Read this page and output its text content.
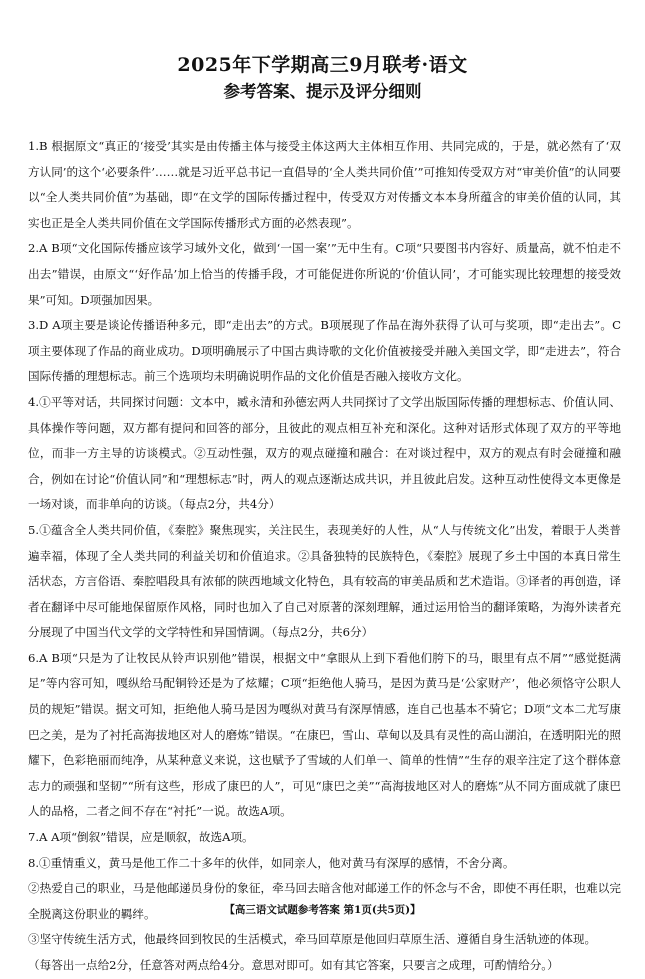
2025年下学期高三9月联考·语文
参考答案、提示及评分细则

1.B 根据原文“真正的‘接受’其实是由传播主体与接受主体这两大主体相互作用、共同完成的，于是，就必然有了‘双方认同’的这个‘必要条件’……就是习近平总书记一直倡导的‘全人类共同价值’”可推知传受双方对“审美价值”的认同要以“全人类共同价值”为基础，即“在文学的国际传播过程中，传受双方对传播文本本身所蕴含的审美价值的认同，其实也正是全人类共同价值在文学国际传播形式方面的必然表现”。

2.A B项“文化国际传播应该学习域外文化，做到‘一国一案’”无中生有。C项“只要图书内容好、质量高，就不怕走不出去”错误，由原文“‘好作品’加上恰当的传播手段，才可能促进你所说的‘价值认同’，才可能实现比较理想的接受效果”可知。D项强加因果。

3.D A项主要是谈论传播语种多元，即“走出去”的方式。B项展现了作品在海外获得了认可与奖项，即“走出去”。C项主要体现了作品的商业成功。D项明确展示了中国古典诗歌的文化价值被接受并融入美国文学，即“走进去”，符合国际传播的理想标志。前三个选项均未明确说明作品的文化价值是否融入接收方文化。

4.①平等对话，共同探讨问题：文本中，臧永清和孙德宏两人共同探讨了文学出版国际传播的理想标志、价值认同、具体操作等问题，双方都有提问和回答的部分，且彼此的观点相互补充和深化。这种对话形式体现了双方的平等地位，而非一方主导的访谈模式。②互动性强，双方的观点碰撞和融合：在对谈过程中，双方的观点有时会碰撞和融合，例如在讨论“价值认同”和“理想标志”时，两人的观点逐渐达成共识，并且彼此启发。这种互动性使得文本更像是一场对谈，而非单向的访谈。（每点2分，共4分）

5.①蕴含全人类共同价值，《秦腔》聚焦现实，关注民生，表现美好的人性，从“人与传统文化”出发，着眼于人类普遍幸福，体现了全人类共同的利益关切和价值追求。②具备独特的民族特色，《秦腔》展现了乡土中国的本真日常生活状态，方言俗语、秦腔唱段具有浓郁的陕西地域文化特色，具有较高的审美品质和艺术造诣。③译者的再创造，译者在翻译中尽可能地保留原作风格，同时也加入了自己对原著的深刻理解，通过运用恰当的翻译策略，为海外读者充分展现了中国当代文学的文学特性和异国情调。（每点2分，共6分）

6.A B项“只是为了让牧民从铃声识别他”错误，根据文中“拿眼从上到下看他们胯下的马，眼里有点不屑”“感觉挺满足”等内容可知，嘎纵给马配铜铃还是为了炫耀；C项“拒绝他人骑马，是因为黄马是‘公家财产’，他必须恪守公职人员的规矩”错误。据文可知，拒绝他人骑马是因为嘎纵对黄马有深厚情感，连自己也基本不骑它；D项“文本二尤写康巴之美，是为了衬托高海拔地区对人的磨炼”错误。“在康巴，雪山、草甸以及具有灵性的高山湖泊，在透明阳光的照耀下，色彩艳丽而纯净，从某种意义来说，这也赋予了雪域的人们单一、简单的性情”“生存的艰辛注定了这个群体意志力的顽强和坚韧”“所有这些，形成了康巴的人”，可见“康巴之美”“高海拔地区对人的磨炼”从不同方面成就了康巴人的品格，二者之间不存在“衬托”一说。故选A项。

7.A A项“倒叙”错误，应是顺叙，故选A项。

8.①重情重义，黄马是他工作二十多年的伙伴，如同亲人，他对黄马有深厚的感情，不舍分离。

②热爱自己的职业，马是他邮递员身份的象征，牵马回去暗含他对邮递工作的怀念与不舍，即使不再任职，也难以完全脱离这份职业的羁绊。

③坚守传统生活方式，他最终回到牧民的生活模式，牵马回草原是他回归草原生活、遵循自身生活轨迹的体现。

（每答出一点给2分，任意答对两点给4分。意思对即可。如有其它答案，只要言之成理，可酌情给分。）

【高三语文试题参考答案 第1页(共5页)】
